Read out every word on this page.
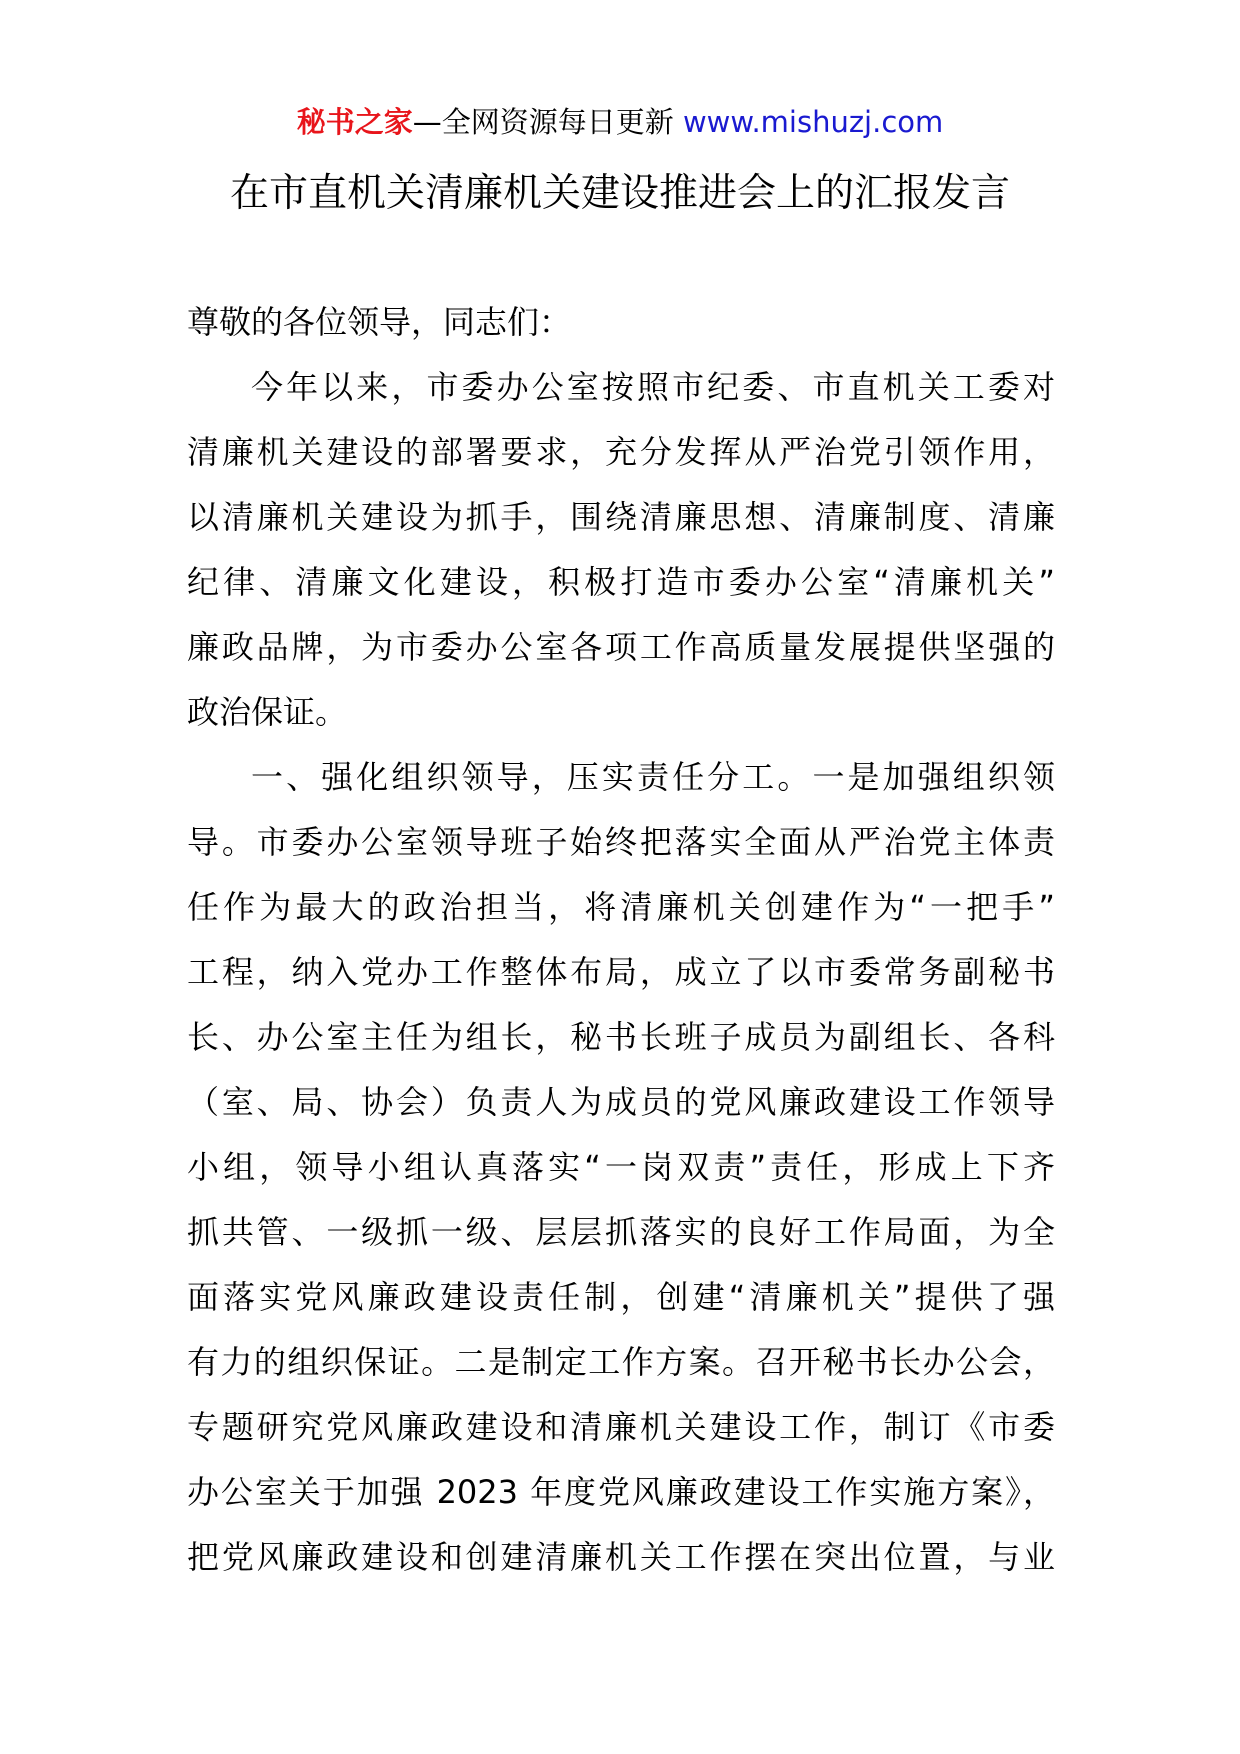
秘书之家—全网资源每日更新 www.mishuzj.com
在市直机关清廉机关建设推进会上的汇报发言
尊敬的各位领导，同志们：
今年以来，市委办公室按照市纪委、市直机关工委对
清廉机关建设的部署要求，充分发挥从严治党引领作用，
以清廉机关建设为抓手，围绕清廉思想、清廉制度、清廉
纪律、清廉文化建设，积极打造市委办公室“清廉机关”
廉政品牌，为市委办公室各项工作高质量发展提供坚强的
政治保证。
一、强化组织领导，压实责任分工。一是加强组织领
导。市委办公室领导班子始终把落实全面从严治党主体责
任作为最大的政治担当，将清廉机关创建作为“一把手”
工程，纳入党办工作整体布局，成立了以市委常务副秘书
长、办公室主任为组长，秘书长班子成员为副组长、各科
（室、局、协会）负责人为成员的党风廉政建设工作领导
小组，领导小组认真落实“一岗双责”责任，形成上下齐
抓共管、一级抓一级、层层抓落实的良好工作局面，为全
面落实党风廉政建设责任制，创建“清廉机关”提供了强
有力的组织保证。二是制定工作方案。召开秘书长办公会，
专题研究党风廉政建设和清廉机关建设工作，制订《市委
办公室关于加强 2023 年度党风廉政建设工作实施方案》，
把党风廉政建设和创建清廉机关工作摆在突出位置，与业
